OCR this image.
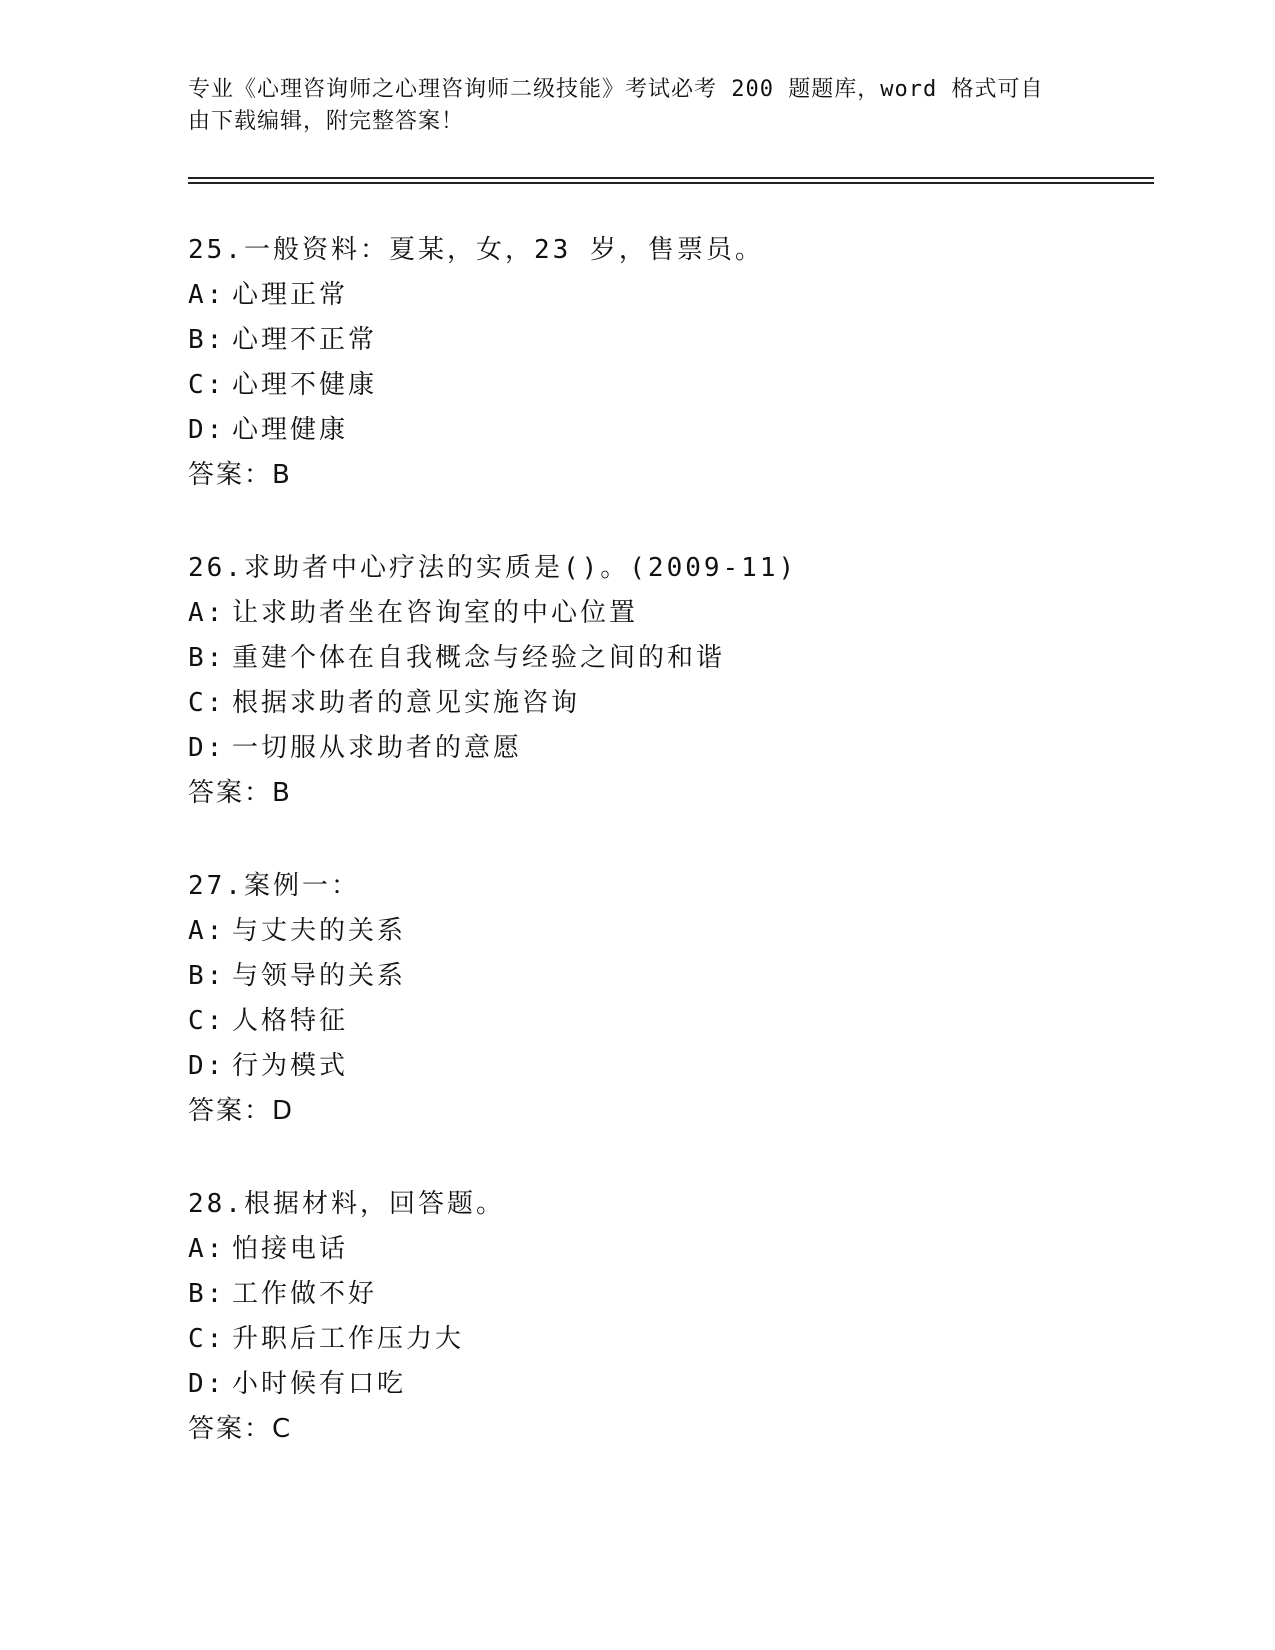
专业《心理咨询师之心理咨询师二级技能》考试必考 200 题题库，word 格式可自
由下载编辑，附完整答案！
25.一般资料：夏某，女，23 岁，售票员。
A: 心理正常
B: 心理不正常
C: 心理不健康
D: 心理健康
答案：B
26.求助者中心疗法的实质是()。(2009-11)
A: 让求助者坐在咨询室的中心位置
B: 重建个体在自我概念与经验之间的和谐
C: 根据求助者的意见实施咨询
D: 一切服从求助者的意愿
答案：B
27.案例一：
A: 与丈夫的关系
B: 与领导的关系
C: 人格特征
D: 行为模式
答案：D
28.根据材料，回答题。
A: 怕接电话
B: 工作做不好
C: 升职后工作压力大
D: 小时候有口吃
答案：C
